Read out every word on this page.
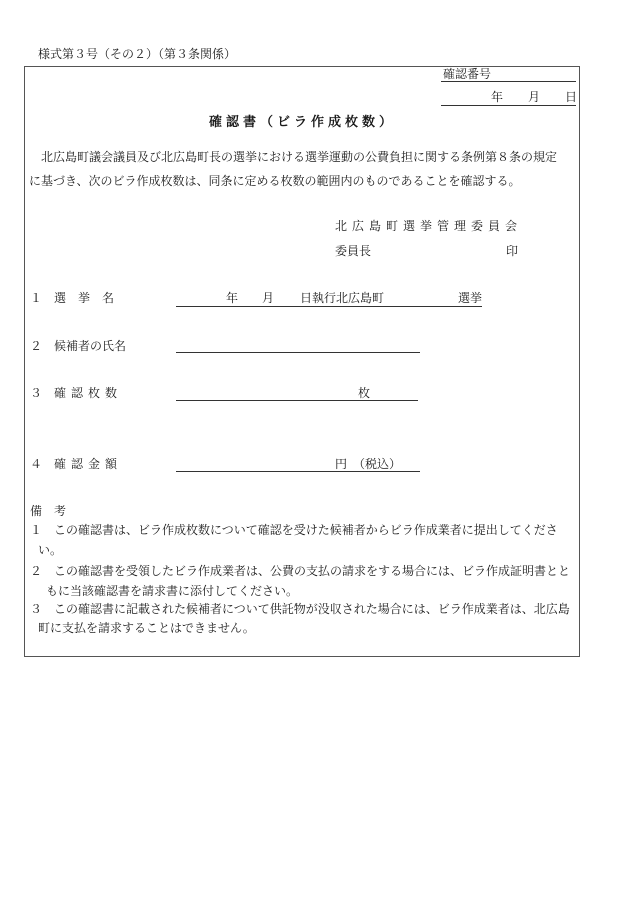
様式第３号（その２）（第３条関係）
確認番号
年 月 日
確認書（ビラ作成枚数）
北広島町議会議員及び北広島町長の選挙における選挙運動の公費負担に関する条例第８条の規定
に基づき、次のビラ作成枚数は、同条に定める枚数の範囲内のものであることを確認する。
北広島町選挙管理委員会
委員長	印
１ 選　挙　名	年 月 日執行北広島町	選挙
２ 候補者の氏名
３ 確認枚数	枚
４ 確認金額	円　（税込）
備　考
１ この確認書は、ビラ作成枚数について確認を受けた候補者からビラ作成業者に提出してくださ
い。
２ この確認書を受領したビラ作成業者は、公費の支払の請求をする場合には、ビラ作成証明書とと
もに当該確認書を請求書に添付してください。
３ この確認書に記載された候補者について供託物が没収された場合には、ビラ作成業者は、北広島
町に支払を請求することはできません。
